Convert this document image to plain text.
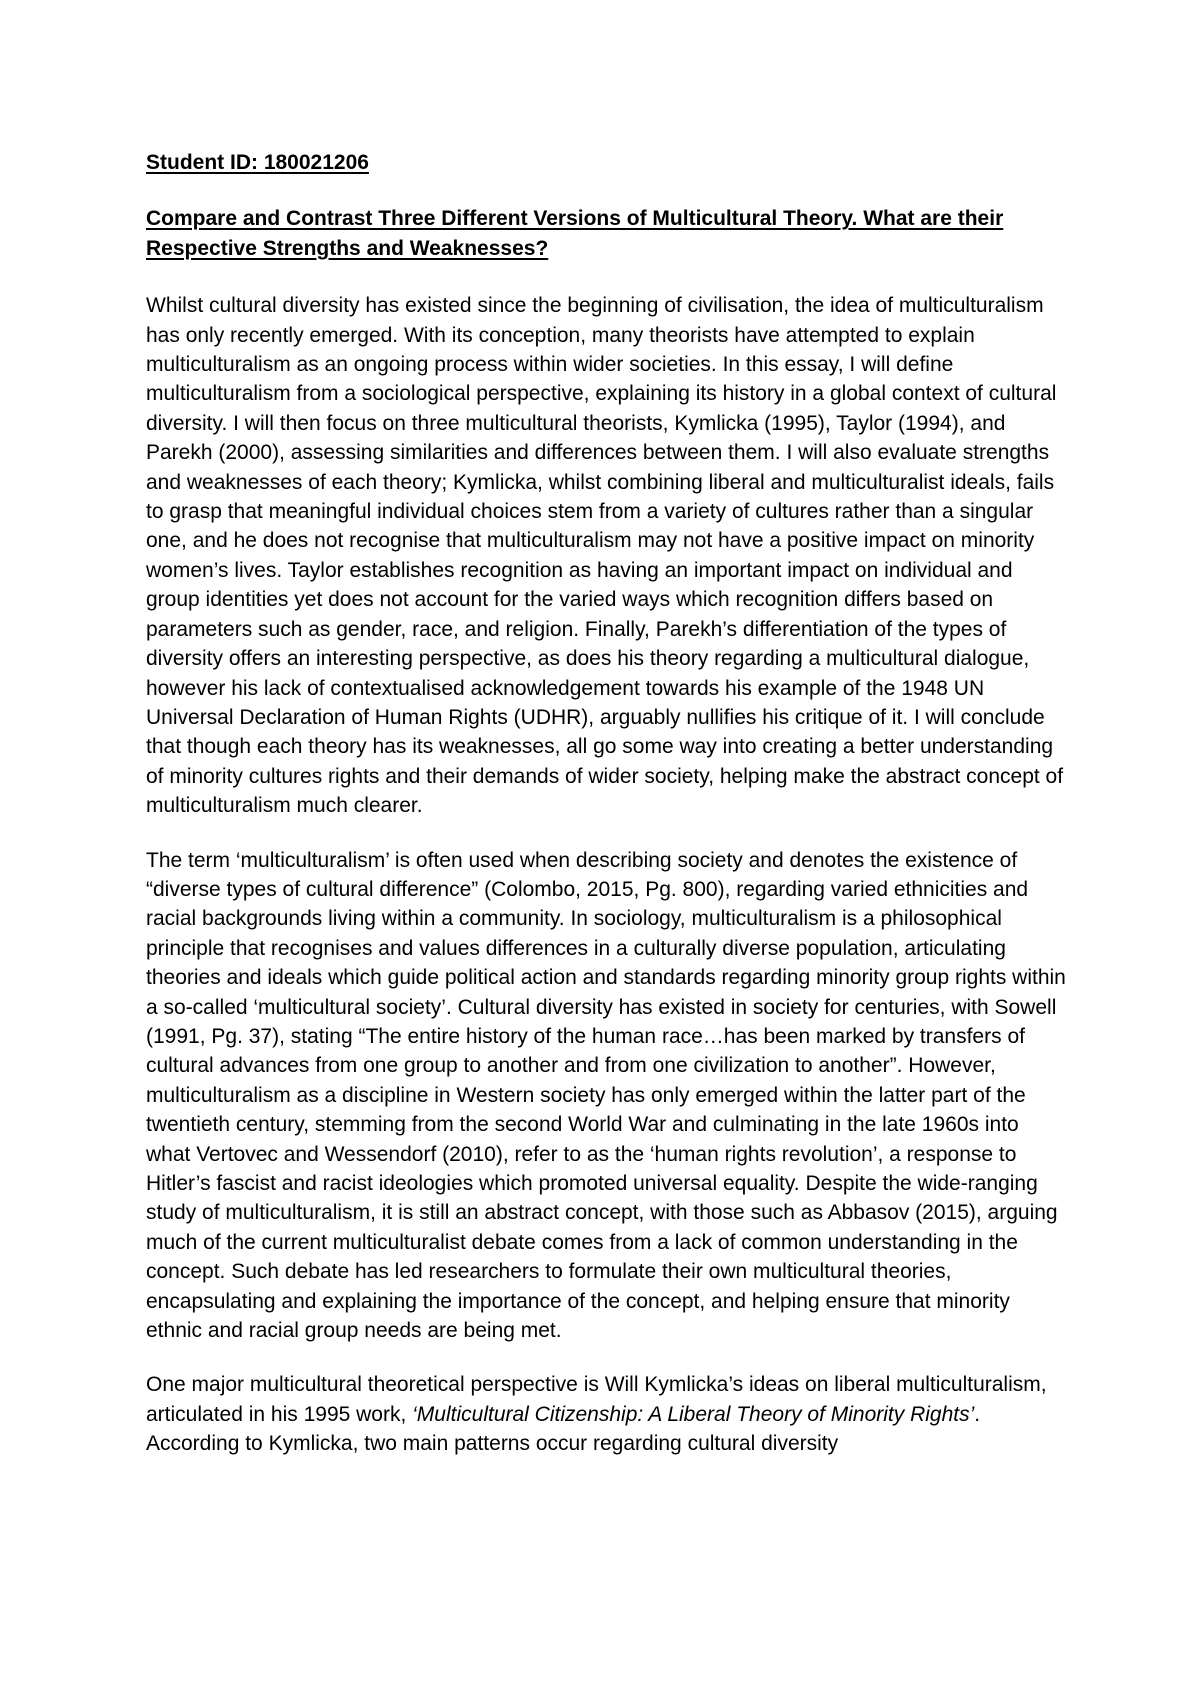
Student ID: 180021206
Compare and Contrast Three Different Versions of Multicultural Theory. What are their Respective Strengths and Weaknesses?

Whilst cultural diversity has existed since the beginning of civilisation, the idea of multiculturalism has only recently emerged. With its conception, many theorists have attempted to explain multiculturalism as an ongoing process within wider societies. In this essay, I will define multiculturalism from a sociological perspective, explaining its history in a global context of cultural diversity. I will then focus on three multicultural theorists, Kymlicka (1995), Taylor (1994), and Parekh (2000), assessing similarities and differences between them. I will also evaluate strengths and weaknesses of each theory; Kymlicka, whilst combining liberal and multiculturalist ideals, fails to grasp that meaningful individual choices stem from a variety of cultures rather than a singular one, and he does not recognise that multiculturalism may not have a positive impact on minority women’s lives. Taylor establishes recognition as having an important impact on individual and group identities yet does not account for the varied ways which recognition differs based on parameters such as gender, race, and religion. Finally, Parekh’s differentiation of the types of diversity offers an interesting perspective, as does his theory regarding a multicultural dialogue, however his lack of contextualised acknowledgement towards his example of the 1948 UN Universal Declaration of Human Rights (UDHR), arguably nullifies his critique of it. I will conclude that though each theory has its weaknesses, all go some way into creating a better understanding of minority cultures rights and their demands of wider society, helping make the abstract concept of multiculturalism much clearer.

The term ‘multiculturalism’ is often used when describing society and denotes the existence of “diverse types of cultural difference” (Colombo, 2015, Pg. 800), regarding varied ethnicities and racial backgrounds living within a community. In sociology, multiculturalism is a philosophical principle that recognises and values differences in a culturally diverse population, articulating theories and ideals which guide political action and standards regarding minority group rights within a so-called ‘multicultural society’. Cultural diversity has existed in society for centuries, with Sowell (1991, Pg. 37), stating “The entire history of the human race…has been marked by transfers of cultural advances from one group to another and from one civilization to another”. However, multiculturalism as a discipline in Western society has only emerged within the latter part of the twentieth century, stemming from the second World War and culminating in the late 1960s into what Vertovec and Wessendorf (2010), refer to as the ‘human rights revolution’, a response to Hitler’s fascist and racist ideologies which promoted universal equality. Despite the wide-ranging study of multiculturalism, it is still an abstract concept, with those such as Abbasov (2015), arguing much of the current multiculturalist debate comes from a lack of common understanding in the concept. Such debate has led researchers to formulate their own multicultural theories, encapsulating and explaining the importance of the concept, and helping ensure that minority ethnic and racial group needs are being met.

One major multicultural theoretical perspective is Will Kymlicka’s ideas on liberal multiculturalism, articulated in his 1995 work, ‘Multicultural Citizenship: A Liberal Theory of Minority Rights’. According to Kymlicka, two main patterns occur regarding cultural diversity
